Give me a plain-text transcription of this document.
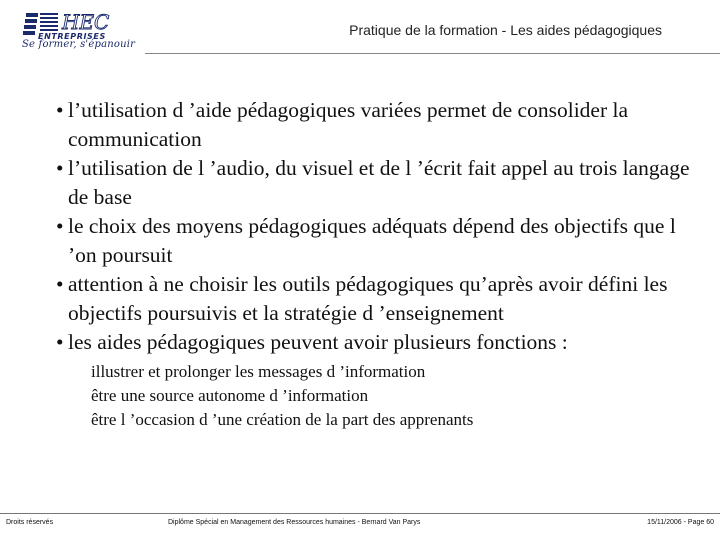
HEC
ENTREPRISES
Se former, s'épanouir
Pratique de la formation - Les aides pédagogiques
• l’utilisation d ’aide pédagogiques variées permet de consolider la communication
• l’utilisation de l ’audio, du visuel et de l ’écrit fait appel au trois langage de base
• le choix des moyens pédagogiques adéquats dépend des objectifs que l ’on poursuit
• attention à ne choisir les outils pédagogiques qu’après avoir défini les objectifs poursuivis et la stratégie d ’enseignement
• les aides pédagogiques peuvent avoir plusieurs fonctions :
illustrer et prolonger les messages d ’information
être une source autonome d ’information
être l ’occasion d ’une création de la part des apprenants
Droits réservés	Diplôme Spécial en Management des Ressources humaines - Bernard Van Parys	15/11/2006 - Page 60
